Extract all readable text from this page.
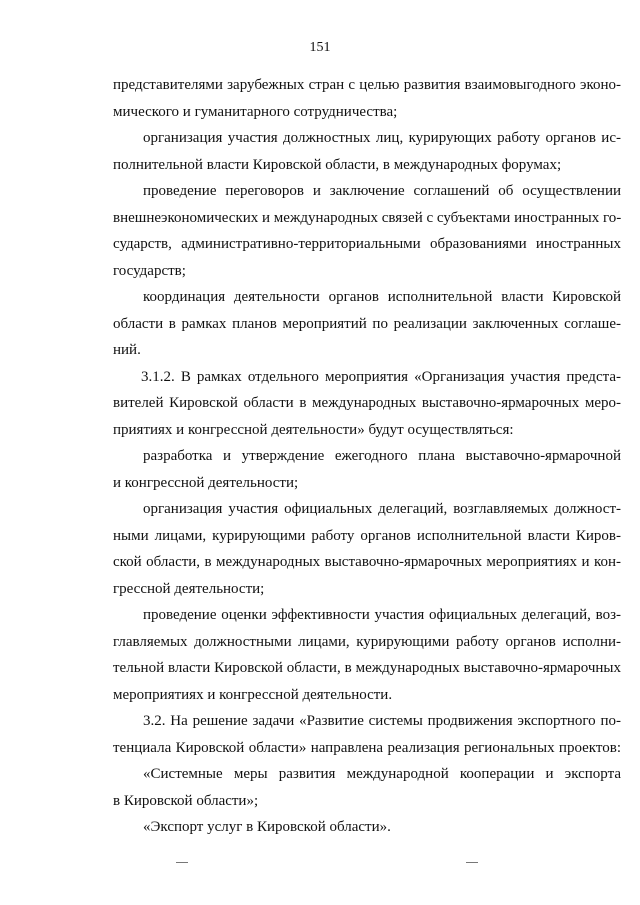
151
представителями зарубежных стран с целью развития взаимовыгодного эконо-
мического и гуманитарного сотрудничества;
организация участия должностных лиц, курирующих работу органов ис-
полнительной власти Кировской области, в международных форумах;
проведение переговоров и заключение соглашений об осуществлении
внешнеэкономических и международных связей с субъектами иностранных го-
сударств, административно-территориальными образованиями иностранных
государств;
координация деятельности органов исполнительной власти Кировской
области в рамках планов мероприятий по реализации заключенных соглаше-
ний.
3.1.2. В рамках отдельного мероприятия «Организация участия предста-
вителей Кировской области в международных выставочно-ярмарочных меро-
приятиях и конгрессной деятельности» будут осуществляться:
разработка и утверждение ежегодного плана выставочно-ярмарочной
и конгрессной деятельности;
организация участия официальных делегаций, возглавляемых должност-
ными лицами, курирующими работу органов исполнительной власти Киров-
ской области, в международных выставочно-ярмарочных мероприятиях и кон-
грессной деятельности;
проведение оценки эффективности участия официальных делегаций, воз-
главляемых должностными лицами, курирующими работу органов исполни-
тельной власти Кировской области, в международных выставочно-ярмарочных
мероприятиях и конгрессной деятельности.
3.2. На решение задачи «Развитие системы продвижения экспортного по-
тенциала Кировской области» направлена реализация региональных проектов:
«Системные меры развития международной кооперации и экспорта
в Кировской области»;
«Экспорт услуг в Кировской области».
